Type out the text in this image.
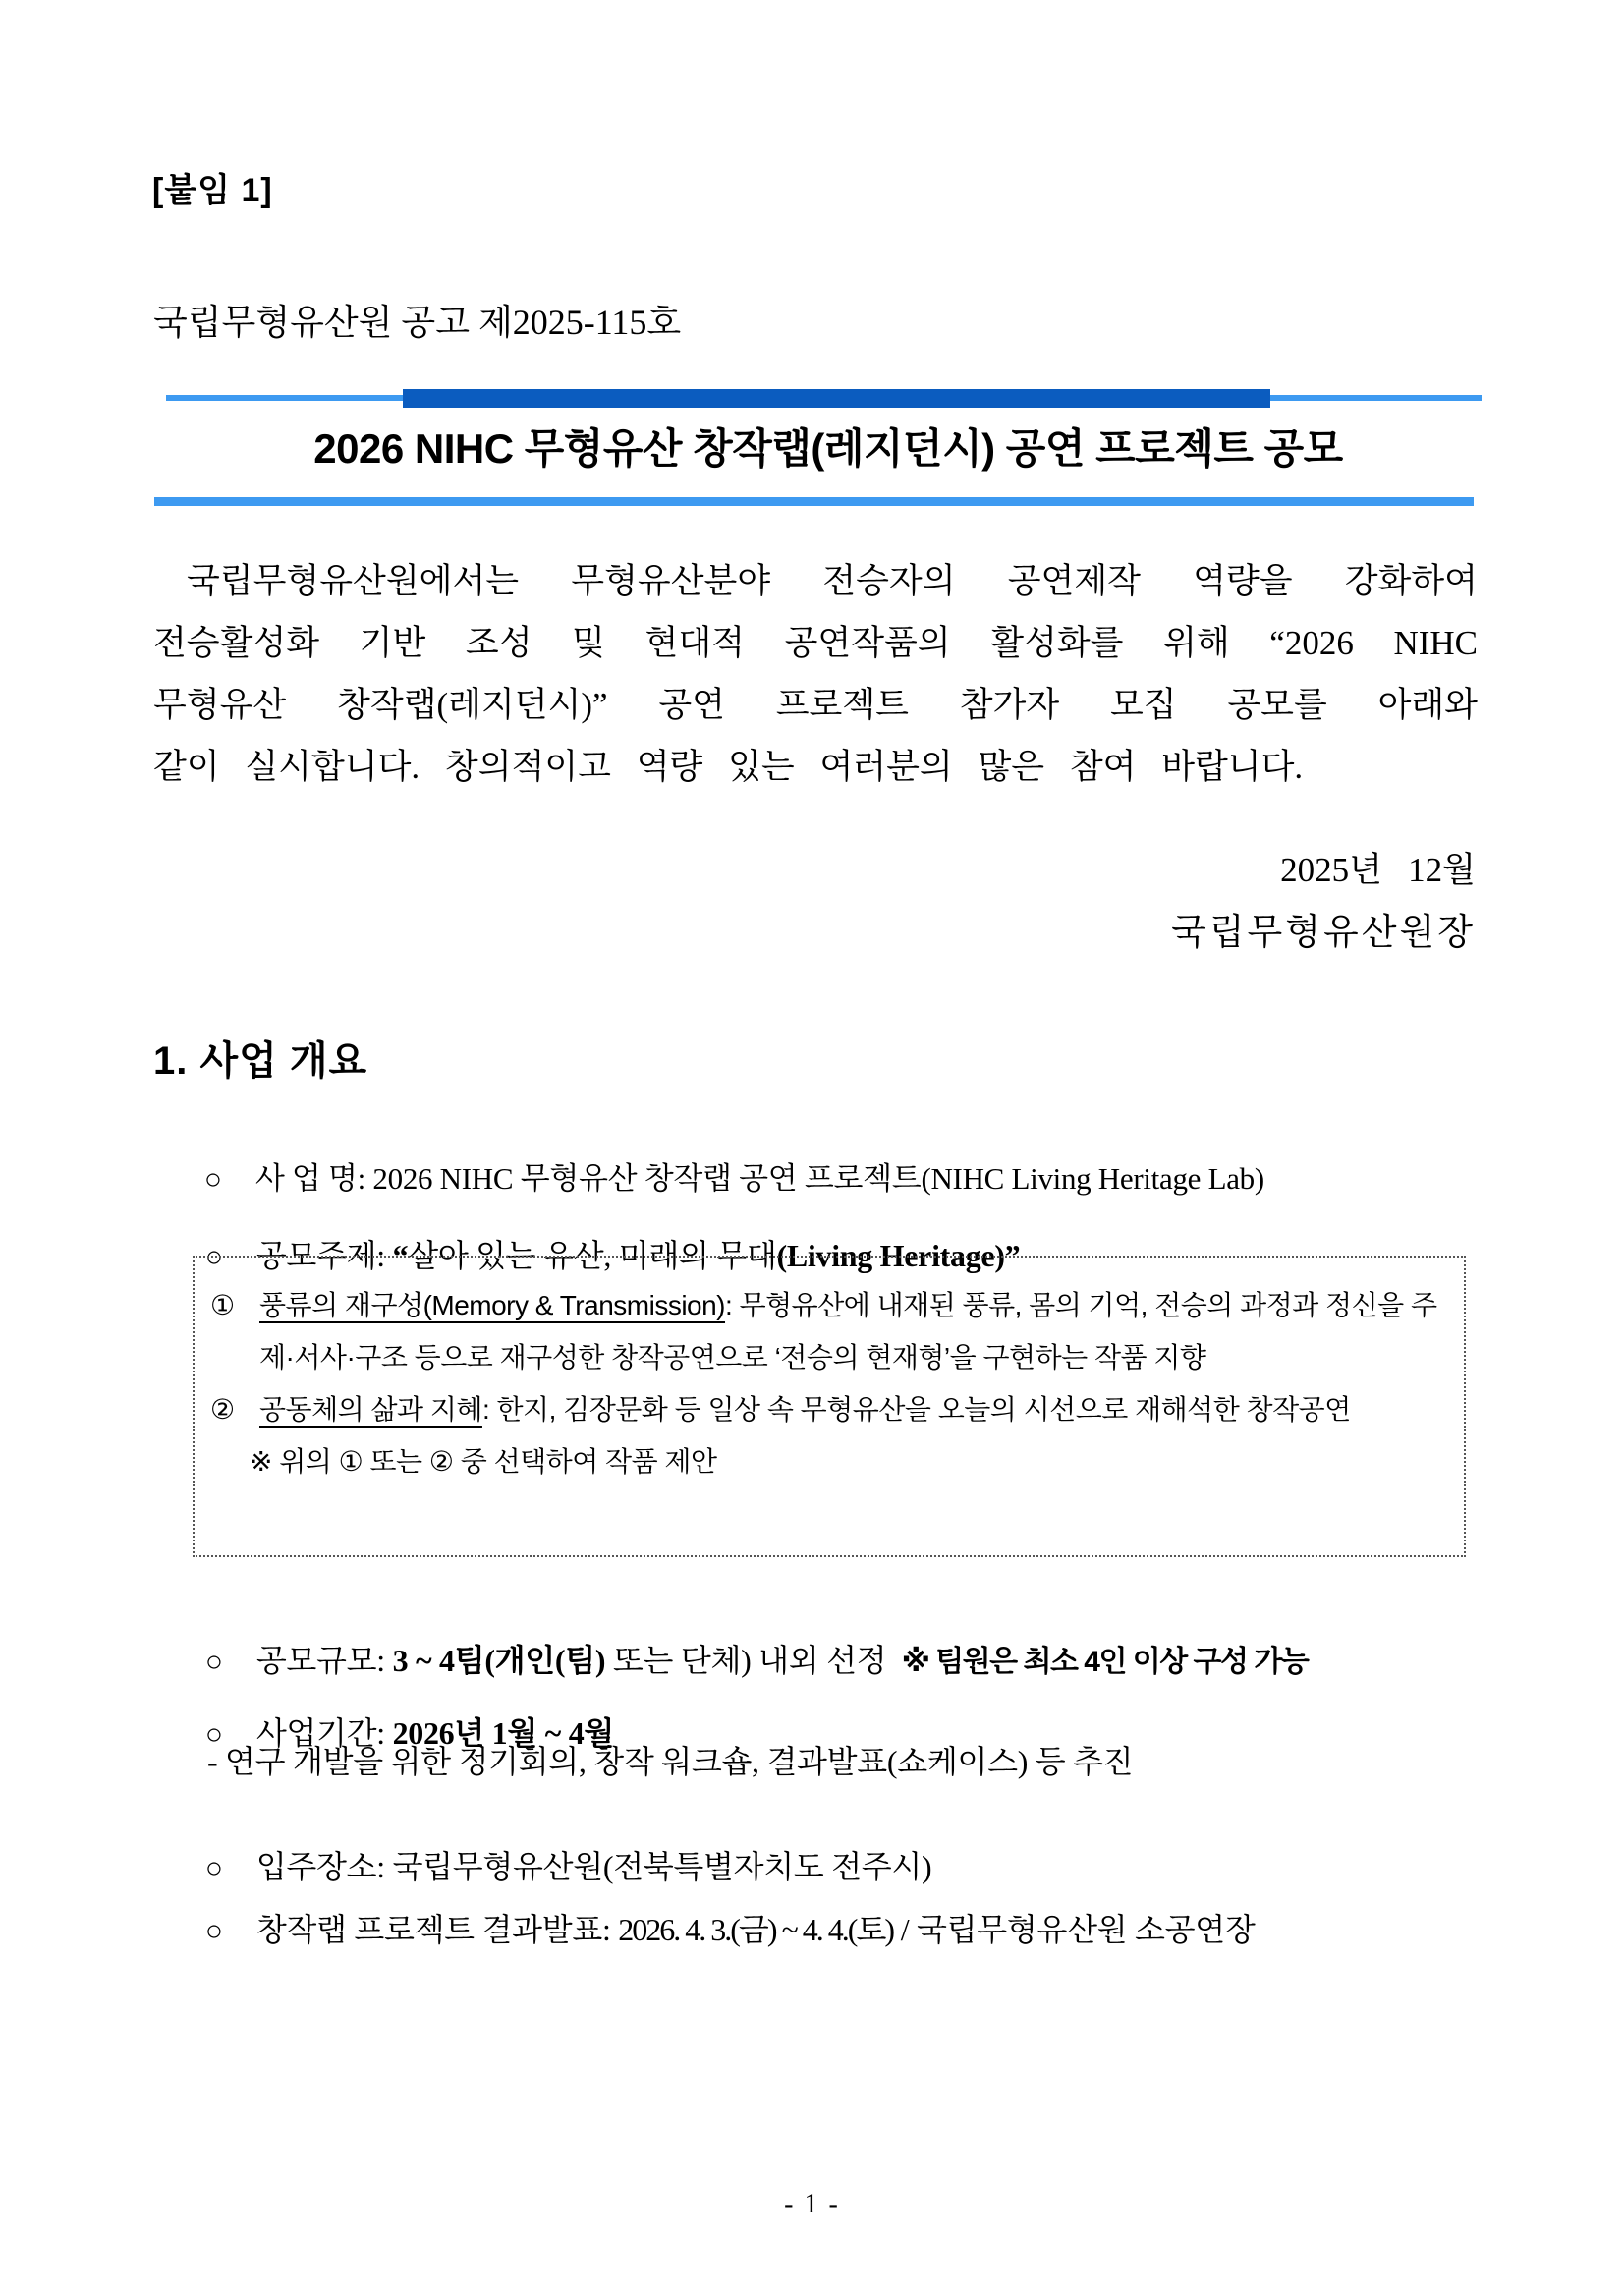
[붙임 1]
국립무형유산원 공고 제2025-115호
2026 NIHC 무형유산 창작랩(레지던시) 공연 프로젝트 공모
국립무형유산원에서는 무형유산분야 전승자의 공연제작 역량을 강화하여
전승활성화 기반 조성 및 현대적 공연작품의 활성화를 위해 “2026 NIHC
무형유산 창작랩(레지던시)” 공연 프로젝트 참가자 모집 공모를 아래와
같이 실시합니다. 창의적이고 역량 있는 여러분의 많은 참여 바랍니다.
2025년   12월
국립무형유산원장
1. 사업 개요

○ 사 업 명: 2026 NIHC 무형유산 창작랩 공연 프로젝트(NIHC Living Heritage Lab)

○ 공모주제: “살아 있는 유산, 미래의 무대(Living Heritage)”

① 풍류의 재구성(Memory & Transmission): 무형유산에 내재된 풍류, 몸의 기억, 전승의 과정과 정신을 주제·서사·구조 등으로 재구성한 창작공연으로 ‘전승의 현재형’을 구현하는 작품 지향
② 공동체의 삶과 지혜: 한지, 김장문화 등 일상 속 무형유산을 오늘의 시선으로 재해석한 창작공연
※ 위의 ① 또는 ② 중 선택하여 작품 제안

○ 공모규모: 3 ~ 4팀(개인(팀) 또는 단체) 내외 선정  ※ 팀원은 최소 4인 이상 구성 가능

○ 사업기간: 2026년 1월 ~ 4월

- 연구 개발을 위한 정기회의, 창작 워크숍, 결과발표(쇼케이스) 등 추진

○ 입주장소: 국립무형유산원(전북특별자치도 전주시)

○ 창작랩 프로젝트 결과발표: 2026. 4. 3.(금) ~ 4. 4.(토) / 국립무형유산원 소공연장

- 1 -
